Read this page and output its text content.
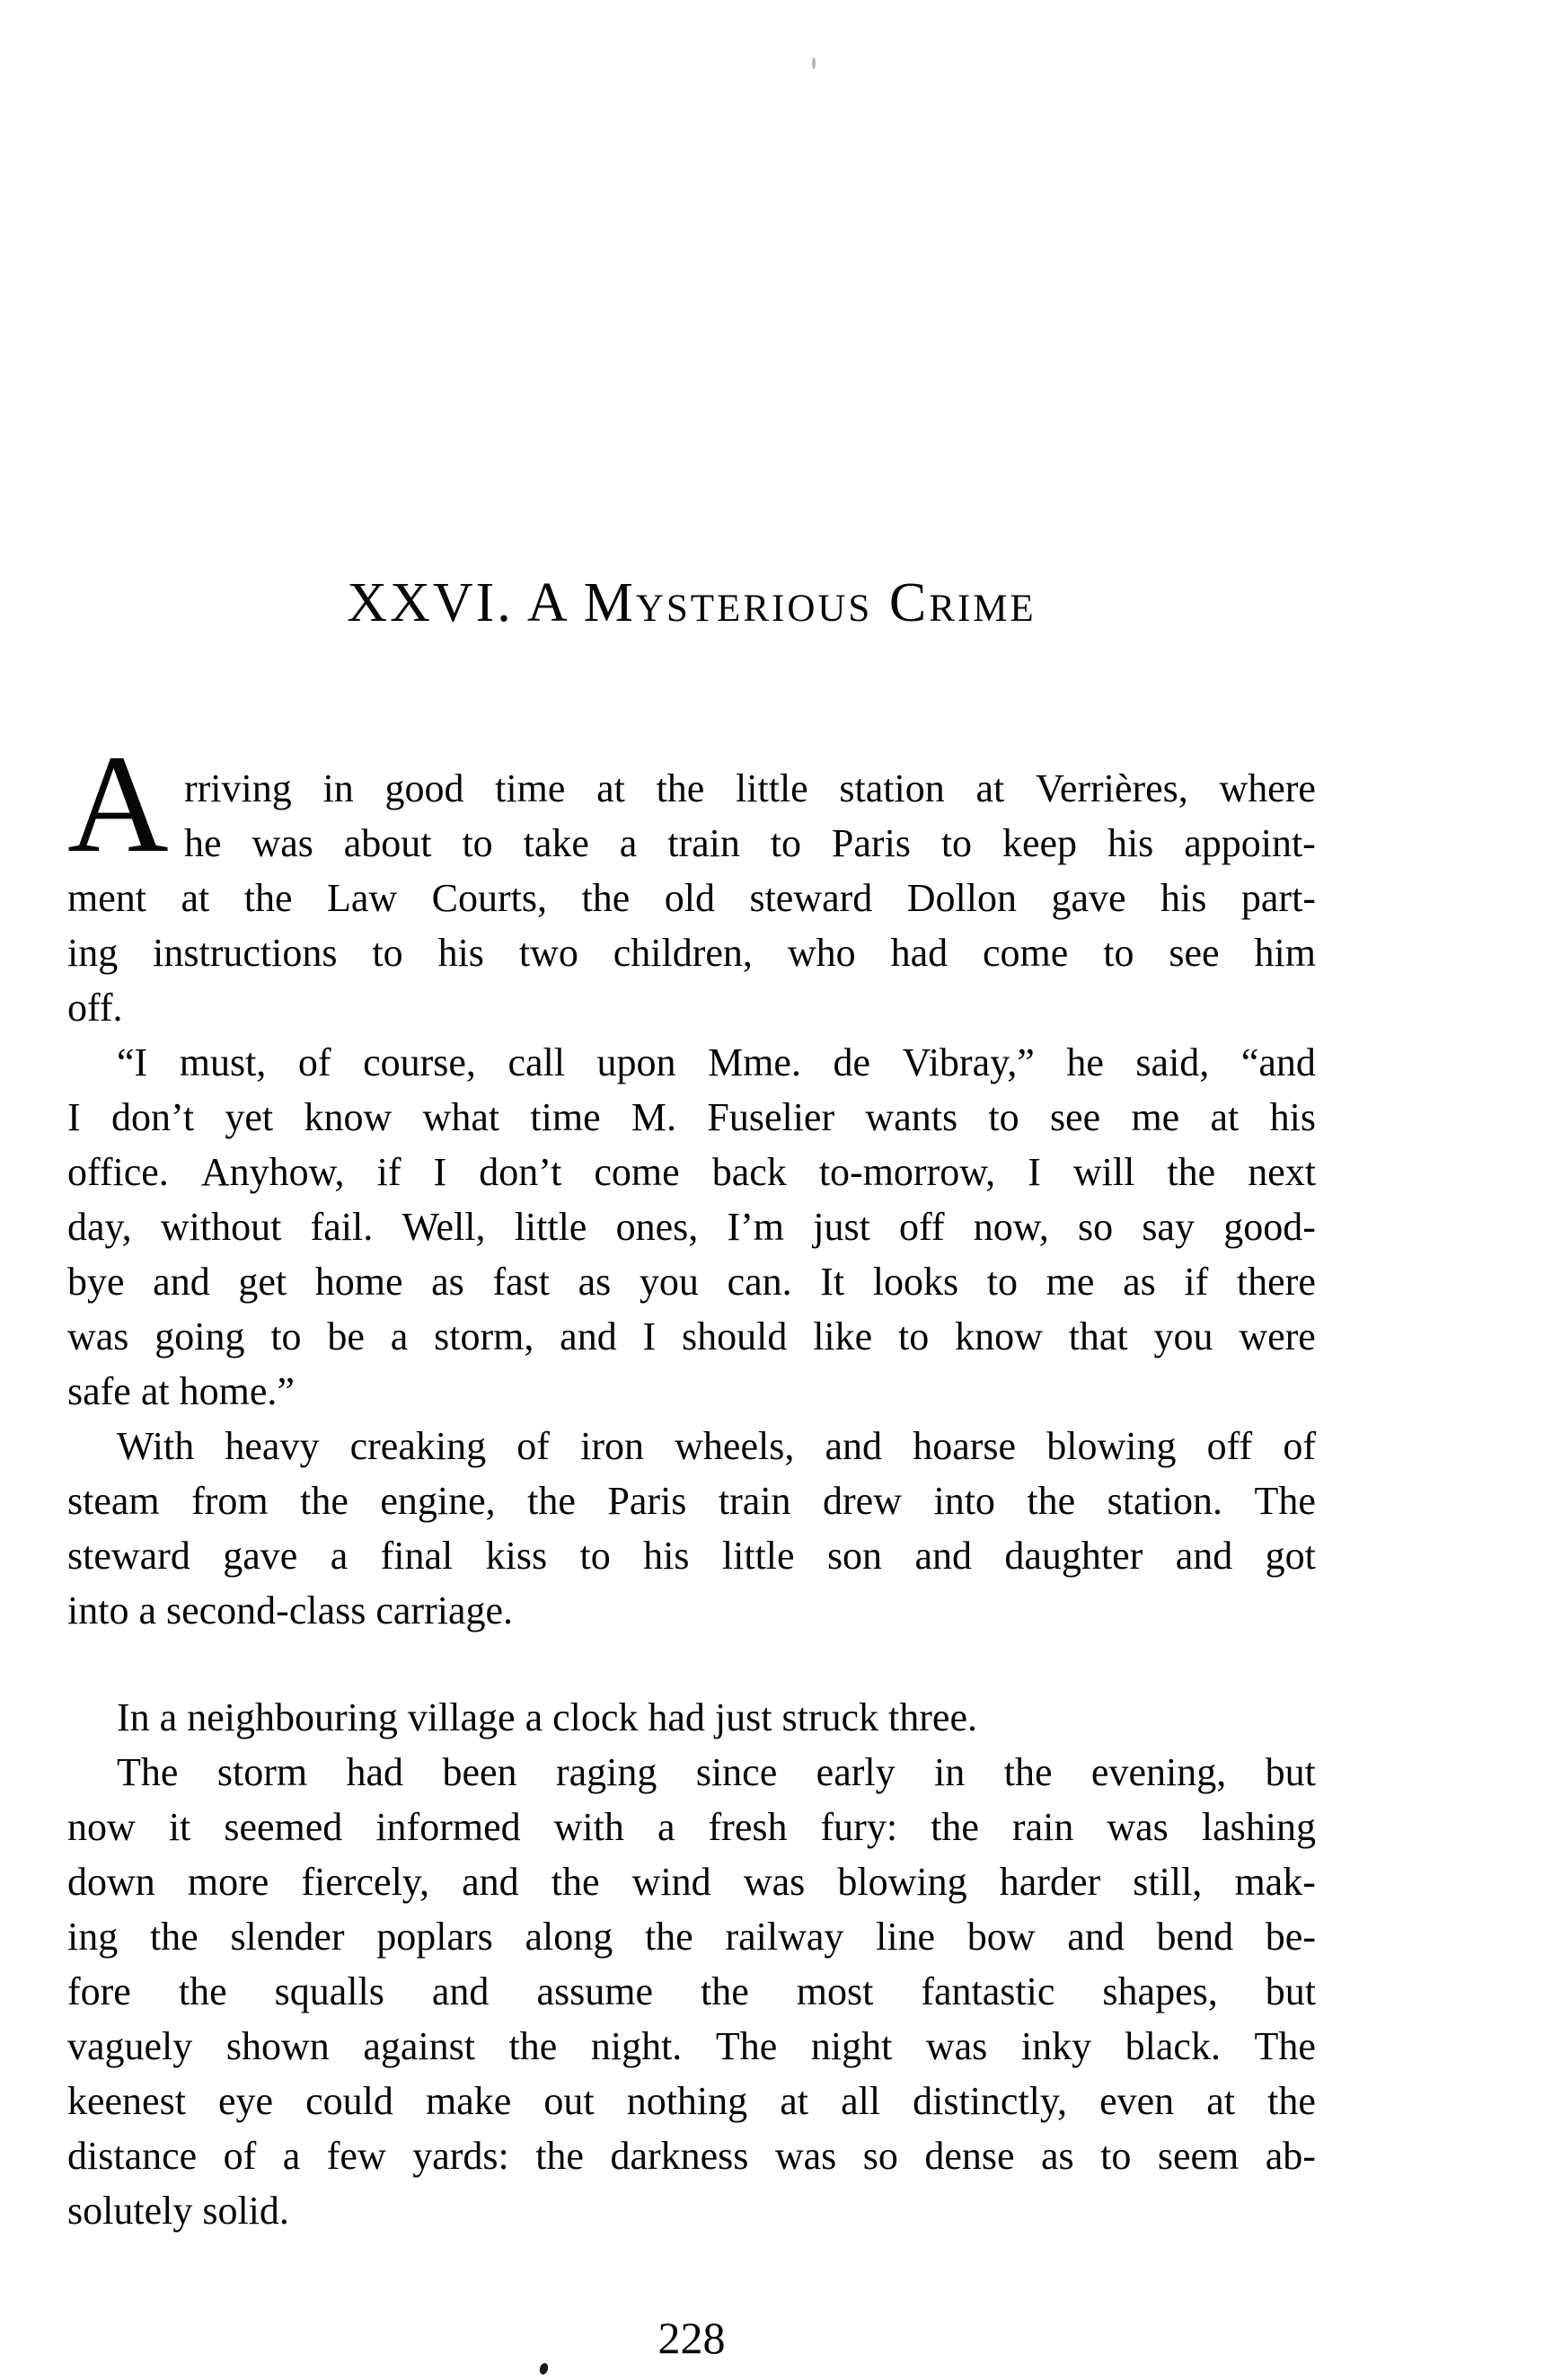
XXVI. A Mysterious Crime
A rriving in good time at the little station at Verrières, where
he was about to take a train to Paris to keep his appoint-
ment at the Law Courts, the old steward Dollon gave his part-
ing instructions to his two children, who had come to see him
off.
“I must, of course, call upon Mme. de Vibray,” he said, “and
I don’t yet know what time M. Fuselier wants to see me at his
office. Anyhow, if I don’t come back to-morrow, I will the next
day, without fail. Well, little ones, I’m just off now, so say good-
bye and get home as fast as you can. It looks to me as if there
was going to be a storm, and I should like to know that you were
safe at home.”
With heavy creaking of iron wheels, and hoarse blowing off of
steam from the engine, the Paris train drew into the station. The
steward gave a final kiss to his little son and daughter and got
into a second-class carriage.
In a neighbouring village a clock had just struck three.
The storm had been raging since early in the evening, but
now it seemed informed with a fresh fury: the rain was lashing
down more fiercely, and the wind was blowing harder still, mak-
ing the slender poplars along the railway line bow and bend be-
fore the squalls and assume the most fantastic shapes, but
vaguely shown against the night. The night was inky black. The
keenest eye could make out nothing at all distinctly, even at the
distance of a few yards: the darkness was so dense as to seem ab-
solutely solid.
228
